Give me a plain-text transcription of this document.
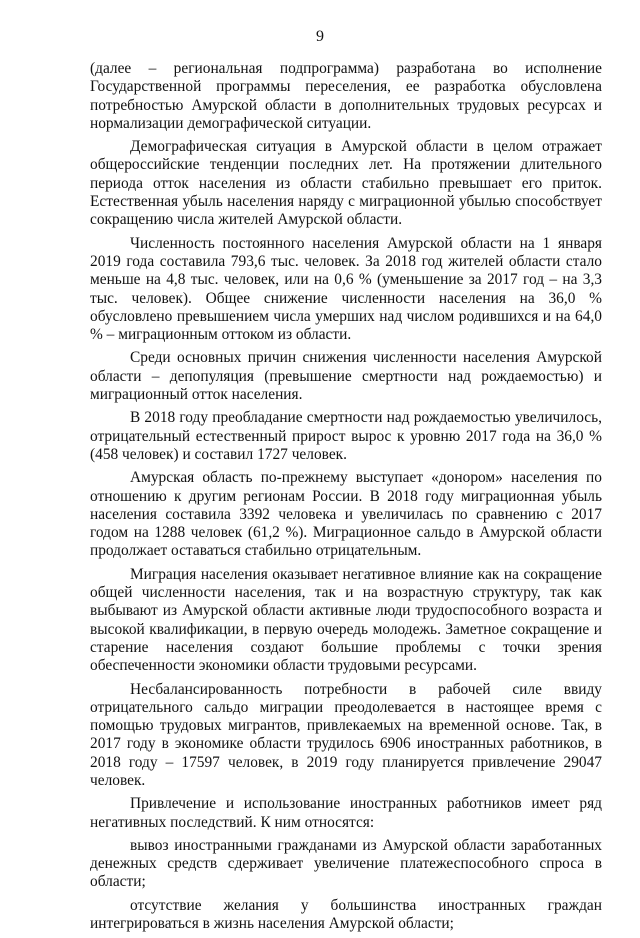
9

(далее – региональная подпрограмма) разработана во исполнение Государственной программы переселения, ее разработка обусловлена потребностью Амурской области в дополнительных трудовых ресурсах и нормализации демографической ситуации.

Демографическая ситуация в Амурской области в целом отражает общероссийские тенденции последних лет. На протяжении длительного периода отток населения из области стабильно превышает его приток. Естественная убыль населения наряду с миграционной убылью способствует сокращению числа жителей Амурской области.

Численность постоянного населения Амурской области на 1 января 2019 года составила 793,6 тыс. человек. За 2018 год жителей области стало меньше на 4,8 тыс. человек, или на 0,6 % (уменьшение за 2017 год – на 3,3 тыс. человек). Общее снижение численности населения на 36,0 % обусловлено превышением числа умерших над числом родившихся и на 64,0 % – миграционным оттоком из области.

Среди основных причин снижения численности населения Амурской области – депопуляция (превышение смертности над рождаемостью) и миграционный отток населения.

В 2018 году преобладание смертности над рождаемостью увеличилось, отрицательный естественный прирост вырос к уровню 2017 года на 36,0 % (458 человек) и составил 1727 человек.

Амурская область по-прежнему выступает «донором» населения по отношению к другим регионам России. В 2018 году миграционная убыль населения составила 3392 человека и увеличилась по сравнению с 2017 годом на 1288 человек (61,2 %). Миграционное сальдо в Амурской области продолжает оставаться стабильно отрицательным.

Миграция населения оказывает негативное влияние как на сокращение общей численности населения, так и на возрастную структуру, так как выбывают из Амурской области активные люди трудоспособного возраста и высокой квалификации, в первую очередь молодежь. Заметное сокращение и старение населения создают большие проблемы с точки зрения обеспеченности экономики области трудовыми ресурсами.

Несбалансированность потребности в рабочей силе ввиду отрицательного сальдо миграции преодолевается в настоящее время с помощью трудовых мигрантов, привлекаемых на временной основе. Так, в 2017 году в экономике области трудилось 6906 иностранных работников, в 2018 году – 17597 человек, в 2019 году планируется привлечение 29047 человек.

Привлечение и использование иностранных работников имеет ряд негативных последствий. К ним относятся:

вывоз иностранными гражданами из Амурской области заработанных денежных средств сдерживает увеличение платежеспособного спроса в области;

отсутствие желания у большинства иностранных граждан интегрироваться в жизнь населения Амурской области;
